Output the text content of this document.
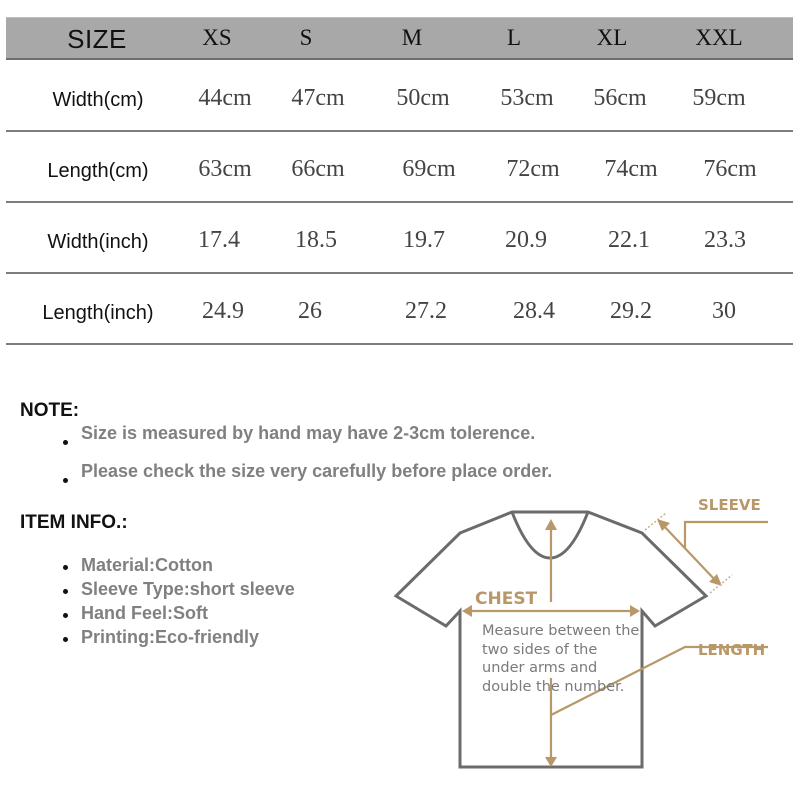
SIZE	XS	S	M	L	XL	XXL
Width(cm) 44cm 47cm 50cm 53cm 56cm 59cm
Length(cm) 63cm 66cm 69cm 72cm 74cm 76cm
Width(inch) 17.4 18.5	19.7	20.9	22.1 23.3
Length(inch) 24.9 26	27.2	28.4 29.2	30
NOTE:
Size is measured by hand may have 2-3cm tolerence.
Please check the size very carefully before place order.
ITEM INFO.:
Material:Cotton
Sleeve Type:short sleeve
Hand Feel:Soft
Printing:Eco-friendly
SLEEVE
CHEST
LENGTH
Measure between the two sides of the under arms and double the number.
